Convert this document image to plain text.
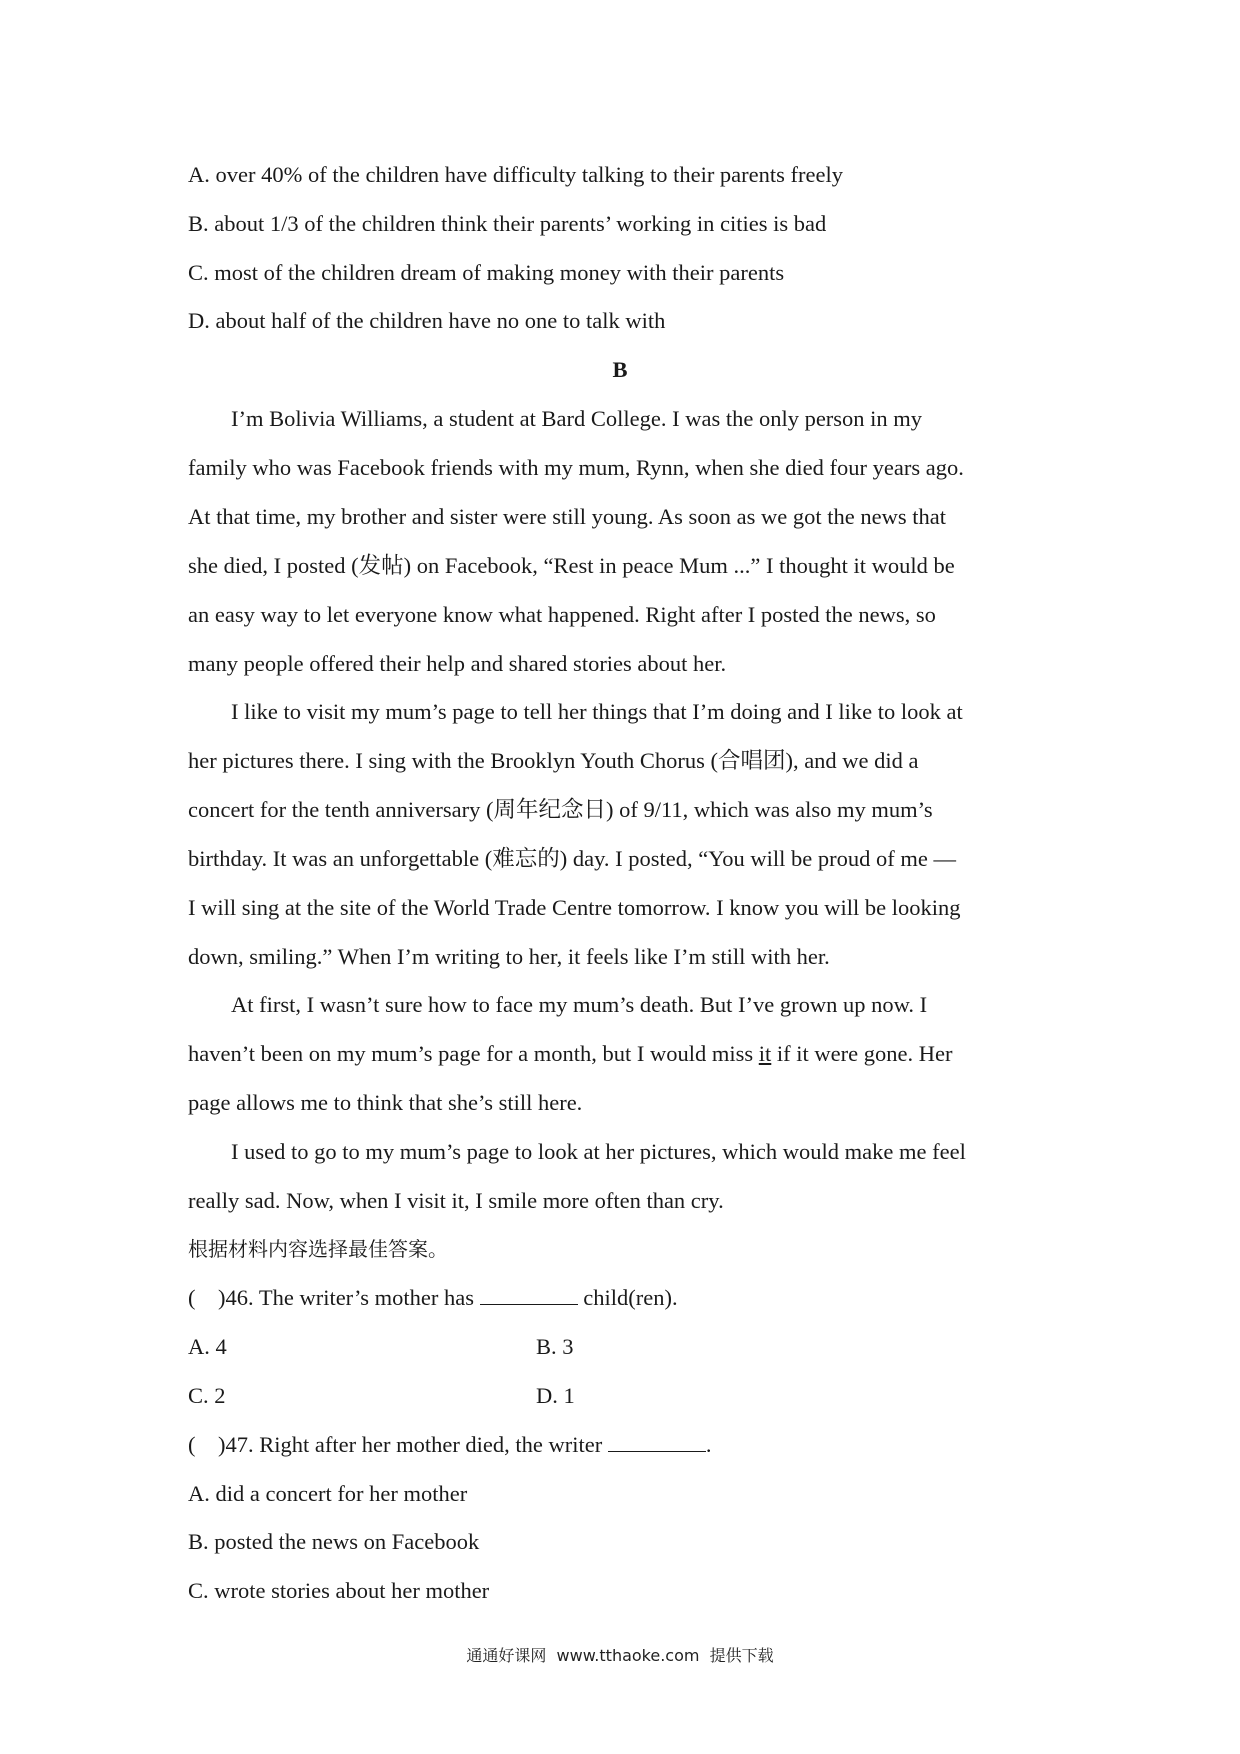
A. over 40% of the children have difficulty talking to their parents freely
B. about 1/3 of the children think their parents’ working in cities is bad
C. most of the children dream of making money with their parents
D. about half of the children have no one to talk with
B
I’m Bolivia Williams, a student at Bard College. I was the only person in my
family who was Facebook friends with my mum, Rynn, when she died four years ago.
At that time, my brother and sister were still young. As soon as we got the news that
she died, I posted (发帖) on Facebook, “Rest in peace Mum ...” I thought it would be
an easy way to let everyone know what happened. Right after I posted the news, so
many people offered their help and shared stories about her.
I like to visit my mum’s page to tell her things that I’m doing and I like to look at
her pictures there. I sing with the Brooklyn Youth Chorus (合唱团), and we did a
concert for the tenth anniversary (周年纪念日) of 9/11, which was also my mum’s
birthday. It was an unforgettable (难忘的) day. I posted, “You will be proud of me —
I will sing at the site of the World Trade Centre tomorrow. I know you will be looking
down, smiling.” When I’m writing to her, it feels like I’m still with her.
At first, I wasn’t sure how to face my mum’s death. But I’ve grown up now. I
haven’t been on my mum’s page for a month, but I would miss it if it were gone. Her
page allows me to think that she’s still here.
I used to go to my mum’s page to look at her pictures, which would make me feel
really sad. Now, when I visit it, I smile more often than cry.
根据材料内容选择最佳答案。
(    )46. The writer’s mother has	child(ren).
A. 4	B. 3
C. 2	D. 1
(    )47. Right after her mother died, the writer	.
A. did a concert for her mother
B. posted the news on Facebook
C. wrote stories about her mother
通通好课网  www.tthaoke.com  提供下载
